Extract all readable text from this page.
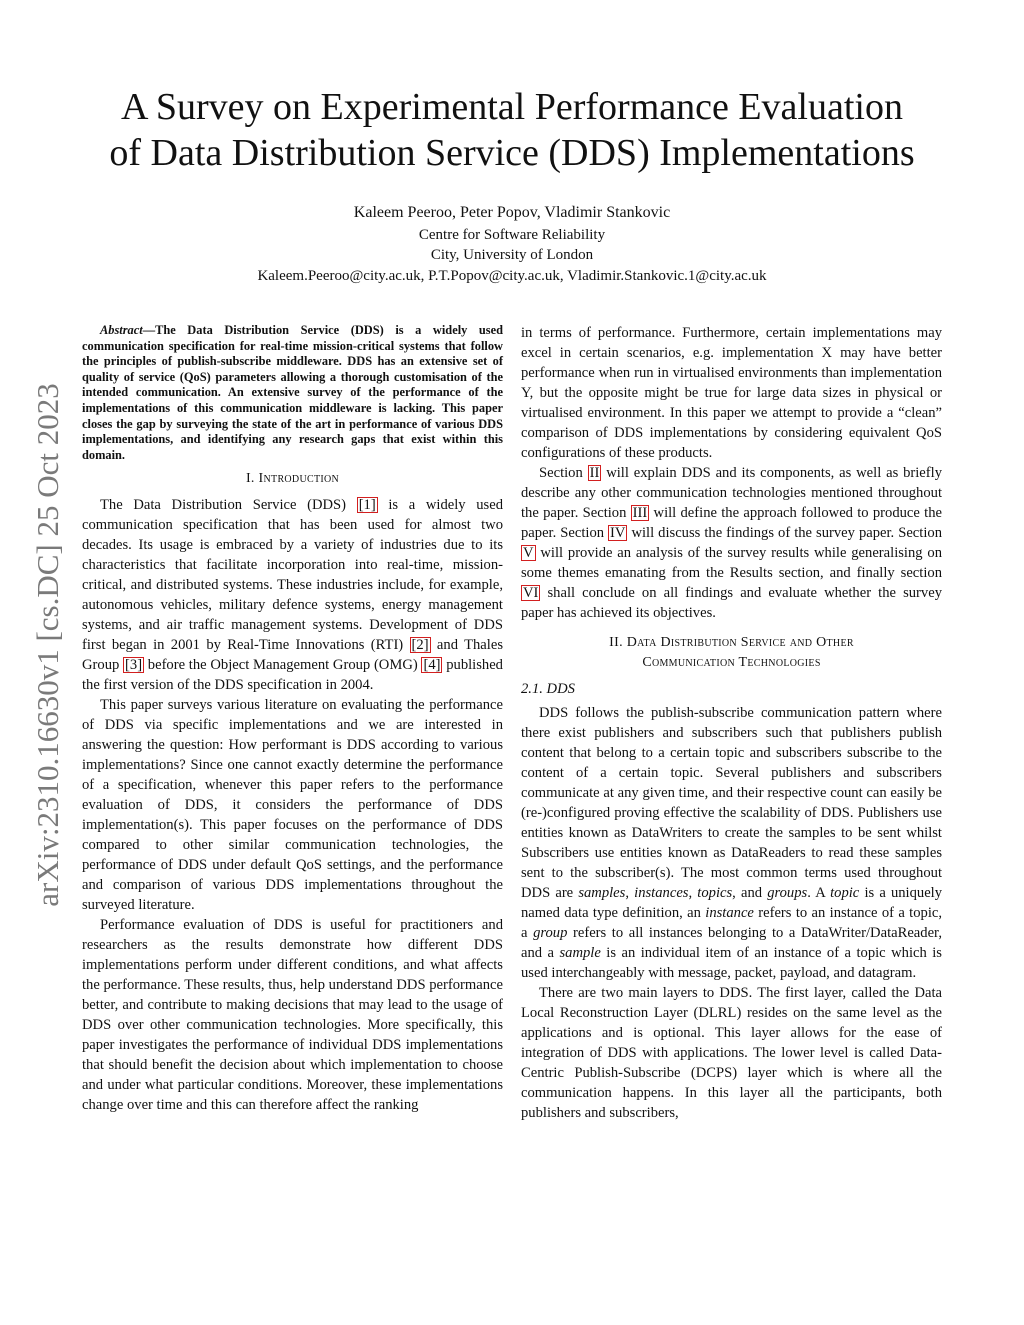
A Survey on Experimental Performance Evaluation
of Data Distribution Service (DDS) Implementations
Kaleem Peeroo, Peter Popov, Vladimir Stankovic
Centre for Software Reliability
City, University of London
Kaleem.Peeroo@city.ac.uk, P.T.Popov@city.ac.uk, Vladimir.Stankovic.1@city.ac.uk
arXiv:2310.16630v1 [cs.DC] 25 Oct 2023

Abstract—The Data Distribution Service (DDS) is a widely used communication specification for real-time mission-critical systems that follow the principles of publish-subscribe middleware. DDS has an extensive set of quality of service (QoS) parameters allowing a thorough customisation of the intended communication. An extensive survey of the performance of the implementations of this communication middleware is lacking. This paper closes the gap by surveying the state of the art in performance of various DDS implementations, and identifying any research gaps that exist within this domain.

I. Introduction

The Data Distribution Service (DDS) [1] is a widely used communication specification that has been used for almost two decades. Its usage is embraced by a variety of industries due to its characteristics that facilitate incorporation into real-time, mission-critical, and distributed systems. These industries include, for example, autonomous vehicles, military defence systems, energy management systems, and air traffic management systems. Development of DDS first began in 2001 by Real-Time Innovations (RTI) [2] and Thales Group [3] before the Object Management Group (OMG) [4] published the first version of the DDS specification in 2004.

This paper surveys various literature on evaluating the performance of DDS via specific implementations and we are interested in answering the question: How performant is DDS according to various implementations? Since one cannot exactly determine the performance of a specification, whenever this paper refers to the performance evaluation of DDS, it considers the performance of DDS implementation(s). This paper focuses on the performance of DDS compared to other similar communication technologies, the performance of DDS under default QoS settings, and the performance and comparison of various DDS implementations throughout the surveyed literature.

Performance evaluation of DDS is useful for practitioners and researchers as the results demonstrate how different DDS implementations perform under different conditions, and what affects the performance. These results, thus, help understand DDS performance better, and contribute to making decisions that may lead to the usage of DDS over other communication technologies. More specifically, this paper investigates the performance of individual DDS implementations that should benefit the decision about which implementation to choose and under what particular conditions. Moreover, these implementations change over time and this can therefore affect the ranking

in terms of performance. Furthermore, certain implementations may excel in certain scenarios, e.g. implementation X may have better performance when run in virtualised environments than implementation Y, but the opposite might be true for large data sizes in physical or virtualised environment. In this paper we attempt to provide a “clean” comparison of DDS implementations by considering equivalent QoS configurations of these products.

Section II will explain DDS and its components, as well as briefly describe any other communication technologies mentioned throughout the paper. Section III will define the approach followed to produce the paper. Section IV will discuss the findings of the survey paper. Section V will provide an analysis of the survey results while generalising on some themes emanating from the Results section, and finally section VI shall conclude on all findings and evaluate whether the survey paper has achieved its objectives.

II. Data Distribution Service and Other
Communication Technologies
2.1. DDS

DDS follows the publish-subscribe communication pattern where there exist publishers and subscribers such that publishers publish content that belong to a certain topic and subscribers subscribe to the content of a certain topic. Several publishers and subscribers communicate at any given time, and their respective count can easily be (re-)configured proving effective the scalability of DDS. Publishers use entities known as DataWriters to create the samples to be sent whilst Subscribers use entities known as DataReaders to read these samples sent to the subscriber(s). The most common terms used throughout DDS are samples, instances, topics, and groups. A topic is a uniquely named data type definition, an instance refers to an instance of a topic, a group refers to all instances belonging to a DataWriter/DataReader, and a sample is an individual item of an instance of a topic which is used interchangeably with message, packet, payload, and datagram.

There are two main layers to DDS. The first layer, called the Data Local Reconstruction Layer (DLRL) resides on the same level as the applications and is optional. This layer allows for the ease of integration of DDS with applications. The lower level is called Data-Centric Publish-Subscribe (DCPS) layer which is where all the communication happens. In this layer all the participants, both publishers and subscribers,
